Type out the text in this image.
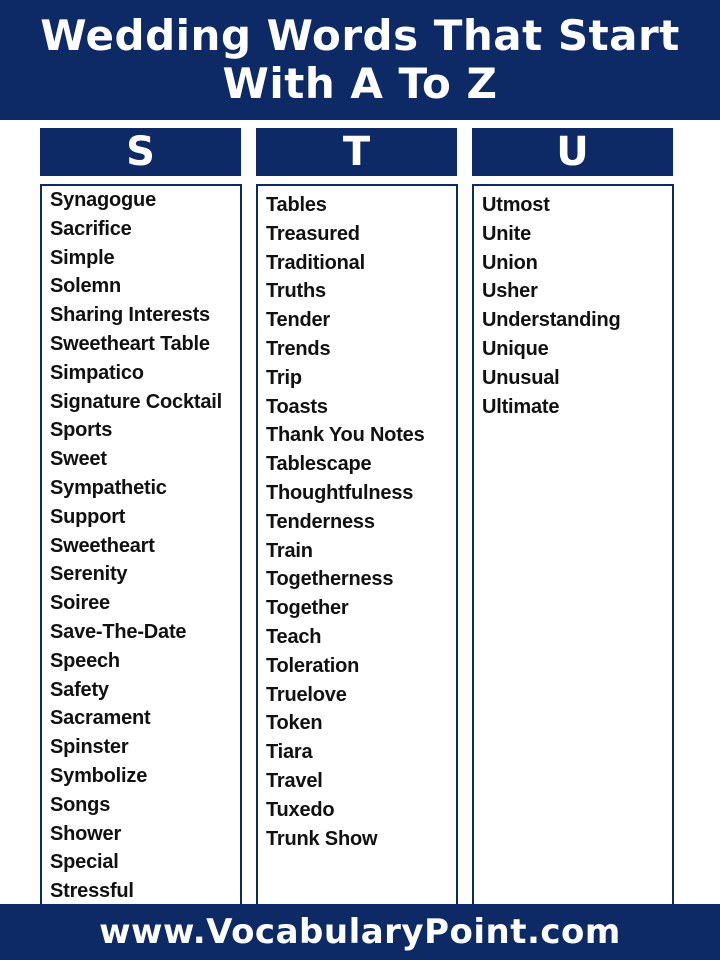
Wedding Words That Start
With A To Z
S	T	U
Synagogue
Sacrifice
Simple
Solemn
Sharing Interests
Sweetheart Table
Simpatico
Signature Cocktail
Sports
Sweet
Sympathetic
Support
Sweetheart
Serenity
Soiree
Save-The-Date
Speech
Safety
Sacrament
Spinster
Symbolize
Songs
Shower
Special
Stressful
Tables
Treasured
Traditional
Truths
Tender
Trends
Trip
Toasts
Thank You Notes
Tablescape
Thoughtfulness
Tenderness
Train
Togetherness
Together
Teach
Toleration
Truelove
Token
Tiara
Travel
Tuxedo
Trunk Show
Utmost
Unite
Union
Usher
Understanding
Unique
Unusual
Ultimate
www.VocabularyPoint.com
